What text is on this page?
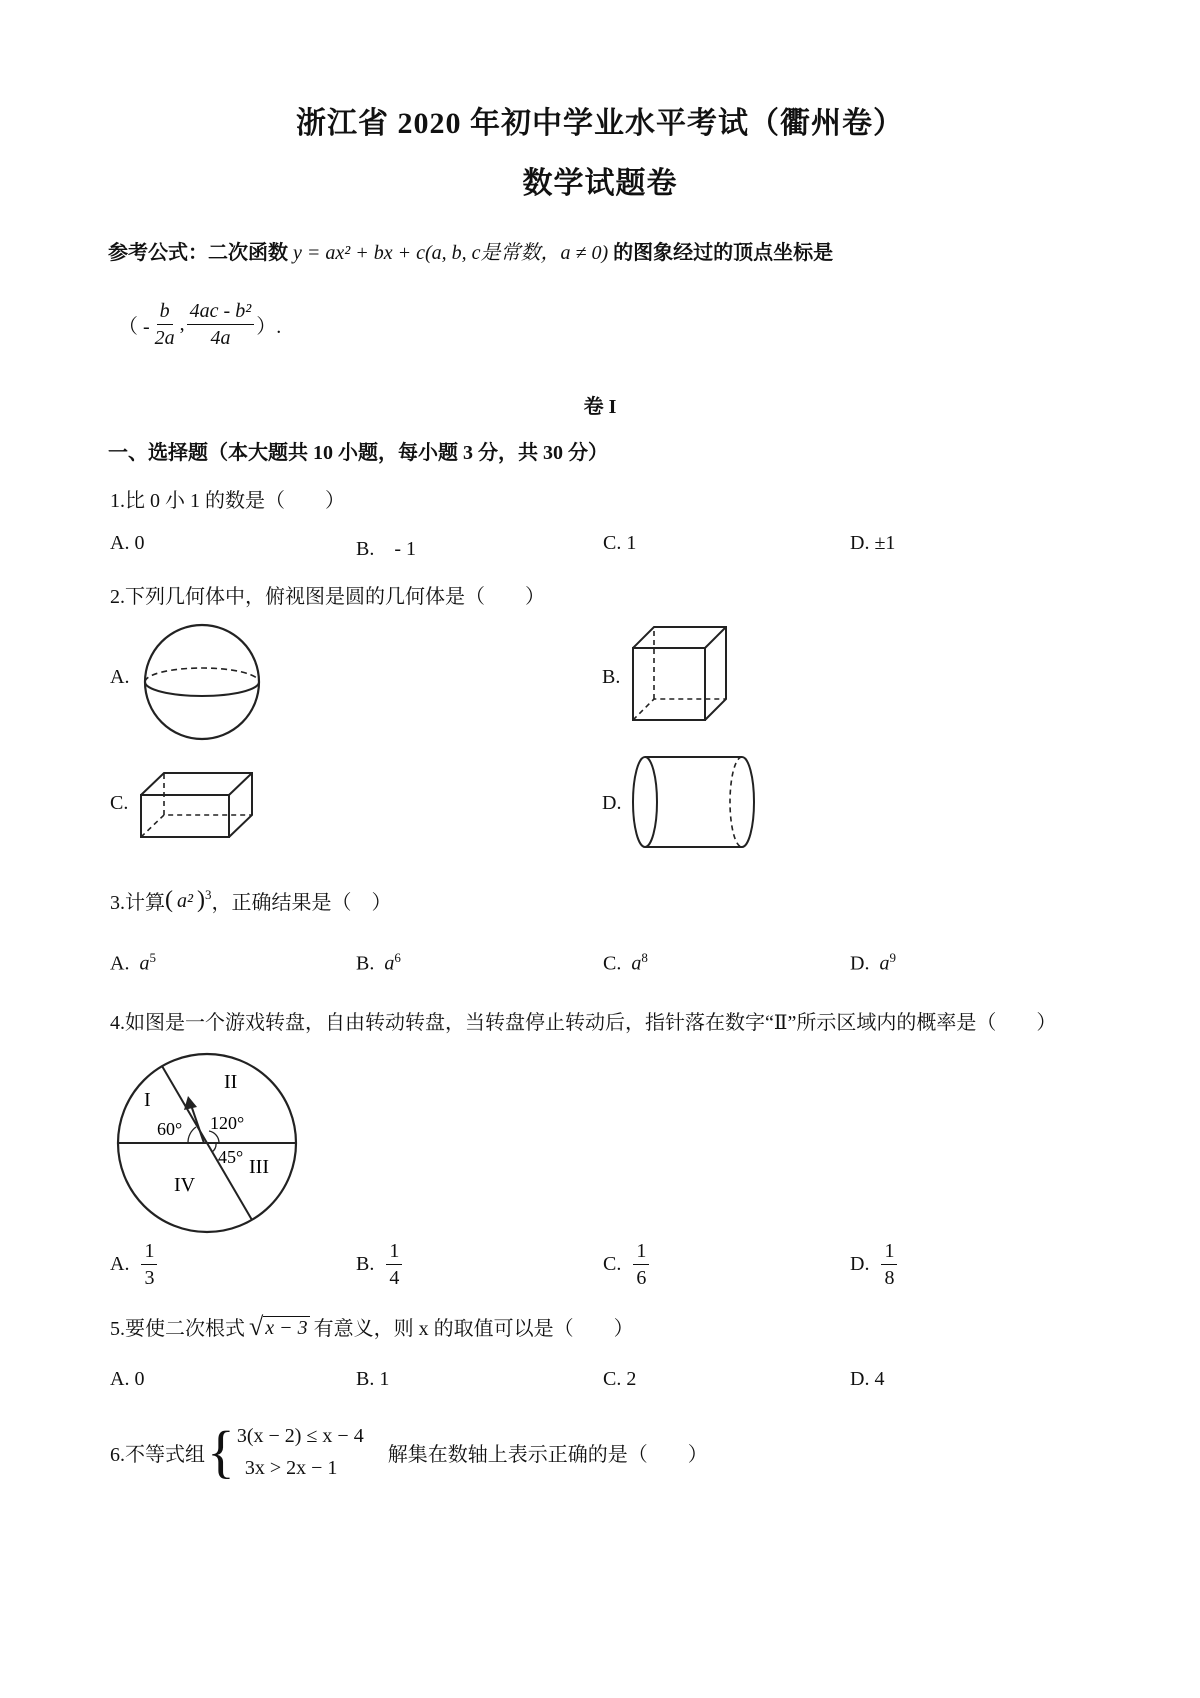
浙江省 2020 年初中学业水平考试（衢州卷）
数学试题卷
参考公式：二次函数 y = ax² + bx + c(a, b, c是常数，a ≠ 0) 的图象经过的顶点坐标是
（ - $\frac{b}{2a}$ , $\frac{\text{4ac - b²}}{4a}$ ）.
卷 I
一、选择题（本大题共 10 小题，每小题 3 分，共 30 分）
1.比 0 小 1 的数是（　　）
A. 0	B.　- 1	C. 1	D. ±1
2.下列几何体中，俯视图是圆的几何体是（　　）
A.	B.
C.	D.
3.计算 ( a² )$^3$ ，正确结果是（　）
A. $a^5$	B. $a^6$	C. $a^8$	D. $a^9$
4.如图是一个游戏转盘，自由转动转盘，当转盘停止转动后，指针落在数字“Ⅱ”所示区域内的概率是（　　）
I
II
III
IV
60° 120°
45°
A.
$\frac{1}{3}$	B.
$\frac{1}{4}$	C.
$\frac{1}{6}$	D.
$\frac{1}{8}$
5.要使二次根式 √ x − 3 有意义，则 x 的取值可以是（　　）
A. 0	B. 1	C. 2	D. 4
6.不等式组 { 3(x − 2) ≤ x − 4
3x > 2x − 1
解集在数轴上表示正确的是（　　）
